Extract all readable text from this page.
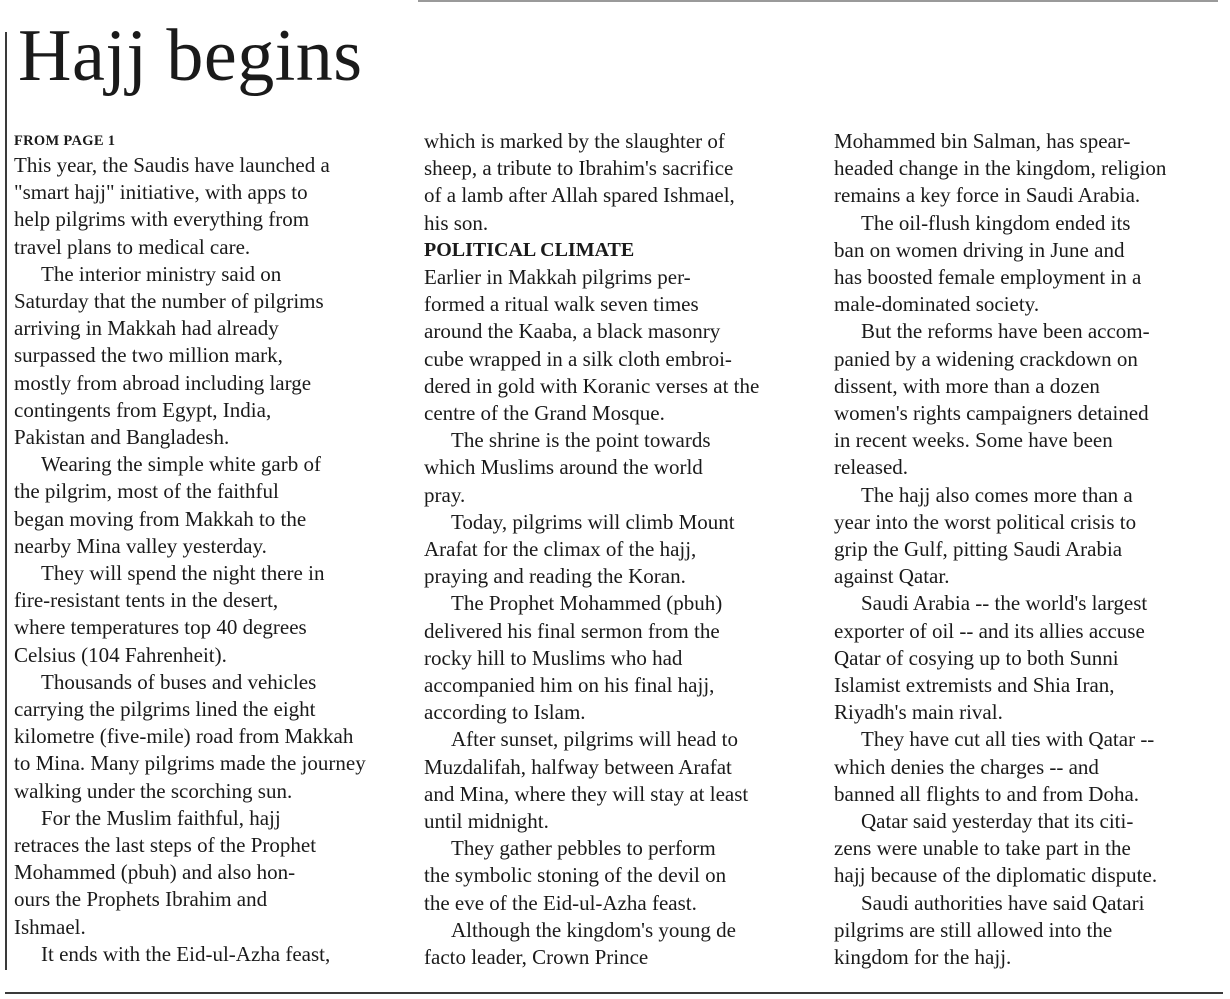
Hajj begins
FROM PAGE 1

This year, the Saudis have launched a
"smart hajj" initiative, with apps to
help pilgrims with everything from
travel plans to medical care.

The interior ministry said on
Saturday that the number of pilgrims
arriving in Makkah had already
surpassed the two million mark,
mostly from abroad including large
contingents from Egypt, India,
Pakistan and Bangladesh.

Wearing the simple white garb of
the pilgrim, most of the faithful
began moving from Makkah to the
nearby Mina valley yesterday.

They will spend the night there in
fire-resistant tents in the desert,
where temperatures top 40 degrees
Celsius (104 Fahrenheit).

Thousands of buses and vehicles
carrying the pilgrims lined the eight
kilometre (five-mile) road from Makkah
to Mina. Many pilgrims made the journey
walking under the scorching sun.

For the Muslim faithful, hajj
retraces the last steps of the Prophet
Mohammed (pbuh) and also hon-
ours the Prophets Ibrahim and
Ishmael.

It ends with the Eid-ul-Azha feast,

which is marked by the slaughter of
sheep, a tribute to Ibrahim's sacrifice
of a lamb after Allah spared Ishmael,
his son.

POLITICAL CLIMATE

Earlier in Makkah pilgrims per-
formed a ritual walk seven times
around the Kaaba, a black masonry
cube wrapped in a silk cloth embroi-
dered in gold with Koranic verses at the
centre of the Grand Mosque.

The shrine is the point towards
which Muslims around the world
pray.

Today, pilgrims will climb Mount
Arafat for the climax of the hajj,
praying and reading the Koran.

The Prophet Mohammed (pbuh)
delivered his final sermon from the
rocky hill to Muslims who had
accompanied him on his final hajj,
according to Islam.

After sunset, pilgrims will head to
Muzdalifah, halfway between Arafat
and Mina, where they will stay at least
until midnight.

They gather pebbles to perform
the symbolic stoning of the devil on
the eve of the Eid-ul-Azha feast.

Although the kingdom's young de
facto leader, Crown Prince

Mohammed bin Salman, has spear-
headed change in the kingdom, religion
remains a key force in Saudi Arabia.

The oil-flush kingdom ended its
ban on women driving in June and
has boosted female employment in a
male-dominated society.

But the reforms have been accom-
panied by a widening crackdown on
dissent, with more than a dozen
women's rights campaigners detained
in recent weeks. Some have been
released.

The hajj also comes more than a
year into the worst political crisis to
grip the Gulf, pitting Saudi Arabia
against Qatar.

Saudi Arabia -- the world's largest
exporter of oil -- and its allies accuse
Qatar of cosying up to both Sunni
Islamist extremists and Shia Iran,
Riyadh's main rival.

They have cut all ties with Qatar --
which denies the charges -- and
banned all flights to and from Doha.

Qatar said yesterday that its citi-
zens were unable to take part in the
hajj because of the diplomatic dispute.

Saudi authorities have said Qatari
pilgrims are still allowed into the
kingdom for the hajj.
